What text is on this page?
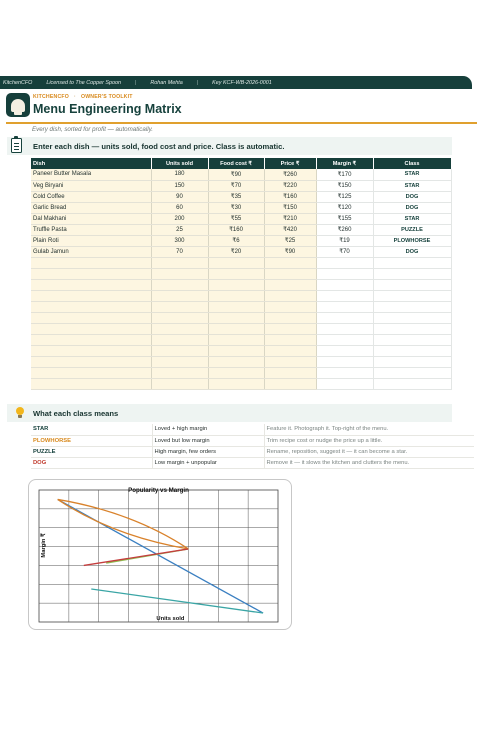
KitchenCFO	Licensed to The Copper Spoon	|	Rohan Mehta	|	Key KCF-WB-2026-0001
KITCHENCFO · OWNER'S TOOLKIT
Menu Engineering Matrix
Every dish, sorted for profit — automatically.
Enter each dish — units sold, food cost and price. Class is automatic.
Dish	Units sold	Food cost ₹	Price ₹	Margin ₹	Class
Paneer Butter Masala	180	₹90	₹260	₹170	STAR
Veg Biryani	150	₹70	₹220	₹150	STAR
Cold Coffee	90	₹35	₹160	₹125	DOG
Garlic Bread	60	₹30	₹150	₹120	DOG
Dal Makhani	200	₹55	₹210	₹155	STAR
Truffle Pasta	25	₹160	₹420	₹260	PUZZLE
Plain Roti	300	₹6	₹25	₹19	PLOWHORSE
Gulab Jamun	70	₹20	₹90	₹70	DOG

What each class means
STAR	Loved + high margin	Feature it. Photograph it. Top-right of the menu.
PLOWHORSE	Loved but low margin	Trim recipe cost or nudge the price up a little.
PUZZLE	High margin, few orders	Rename, reposition, suggest it — it can become a star.
DOG	Low margin + unpopular	Remove it — it slows the kitchen and clutters the menu.
Popularity vs Margin
Units sold
Margin ₹
